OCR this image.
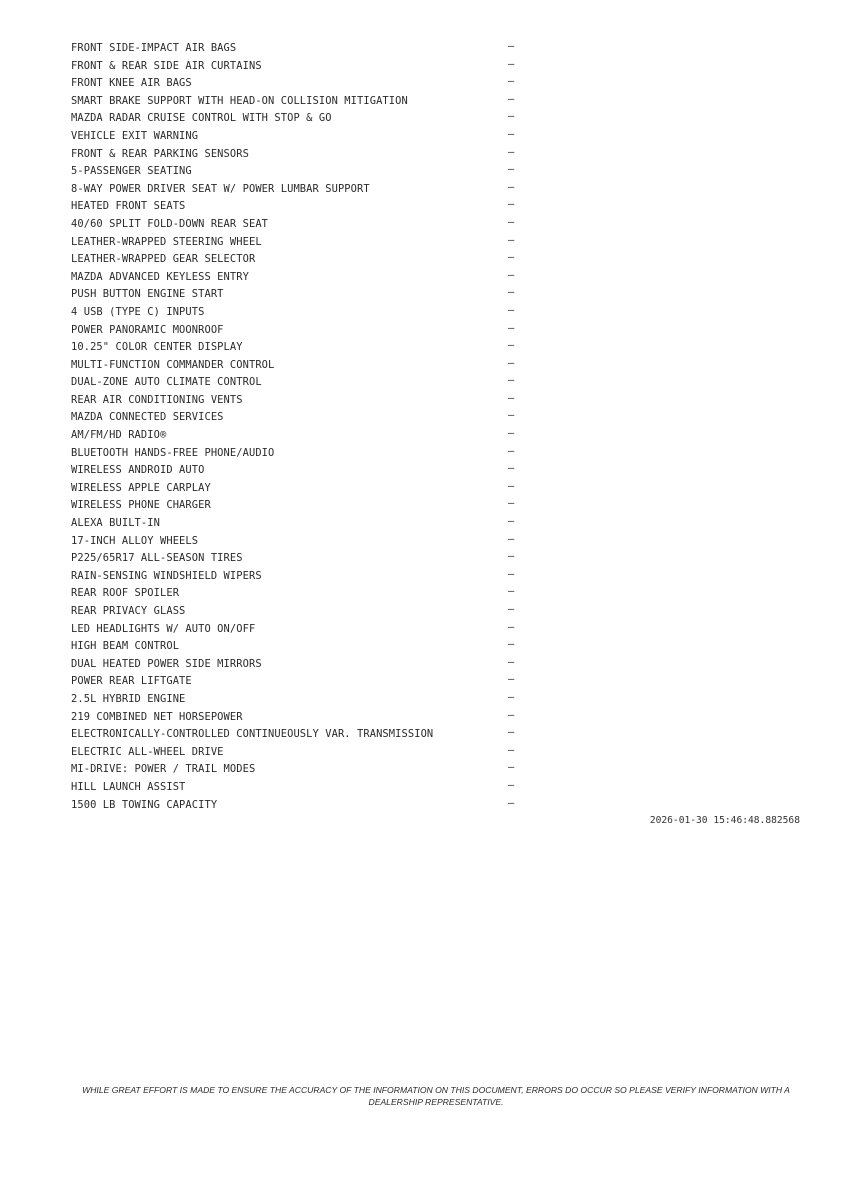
FRONT SIDE-IMPACT AIR BAGS	—
FRONT & REAR SIDE AIR CURTAINS	—
FRONT KNEE AIR BAGS	—
SMART BRAKE SUPPORT WITH HEAD-ON COLLISION MITIGATION	—
MAZDA RADAR CRUISE CONTROL WITH STOP & GO	—
VEHICLE EXIT WARNING	—
FRONT & REAR PARKING SENSORS	—
5-PASSENGER SEATING	—
8-WAY POWER DRIVER SEAT W/ POWER LUMBAR SUPPORT	—
HEATED FRONT SEATS	—
40/60 SPLIT FOLD-DOWN REAR SEAT	—
LEATHER-WRAPPED STEERING WHEEL	—
LEATHER-WRAPPED GEAR SELECTOR	—
MAZDA ADVANCED KEYLESS ENTRY	—
PUSH BUTTON ENGINE START	—
4 USB (TYPE C) INPUTS	—
POWER PANORAMIC MOONROOF	—
10.25" COLOR CENTER DISPLAY	—
MULTI-FUNCTION COMMANDER CONTROL	—
DUAL-ZONE AUTO CLIMATE CONTROL	—
REAR AIR CONDITIONING VENTS	—
MAZDA CONNECTED SERVICES	—
AM/FM/HD RADIO®	—
BLUETOOTH HANDS-FREE PHONE/AUDIO	—
WIRELESS ANDROID AUTO	—
WIRELESS APPLE CARPLAY	—
WIRELESS PHONE CHARGER	—
ALEXA BUILT-IN	—
17-INCH ALLOY WHEELS	—
P225/65R17 ALL-SEASON TIRES	—
RAIN-SENSING WINDSHIELD WIPERS	—
REAR ROOF SPOILER	—
REAR PRIVACY GLASS	—
LED HEADLIGHTS W/ AUTO ON/OFF	—
HIGH BEAM CONTROL	—
DUAL HEATED POWER SIDE MIRRORS	—
POWER REAR LIFTGATE	—
2.5L HYBRID ENGINE	—
219 COMBINED NET HORSEPOWER	—
ELECTRONICALLY-CONTROLLED CONTINUEOUSLY VAR. TRANSMISSION	—
ELECTRIC ALL-WHEEL DRIVE	—
MI-DRIVE: POWER / TRAIL MODES	—
HILL LAUNCH ASSIST	—
1500 LB TOWING CAPACITY	—
2026-01-30 15:46:48.882568
WHILE GREAT EFFORT IS MADE TO ENSURE THE ACCURACY OF THE INFORMATION ON THIS DOCUMENT, ERRORS DO OCCUR SO PLEASE VERIFY INFORMATION WITH A DEALERSHIP REPRESENTATIVE.
